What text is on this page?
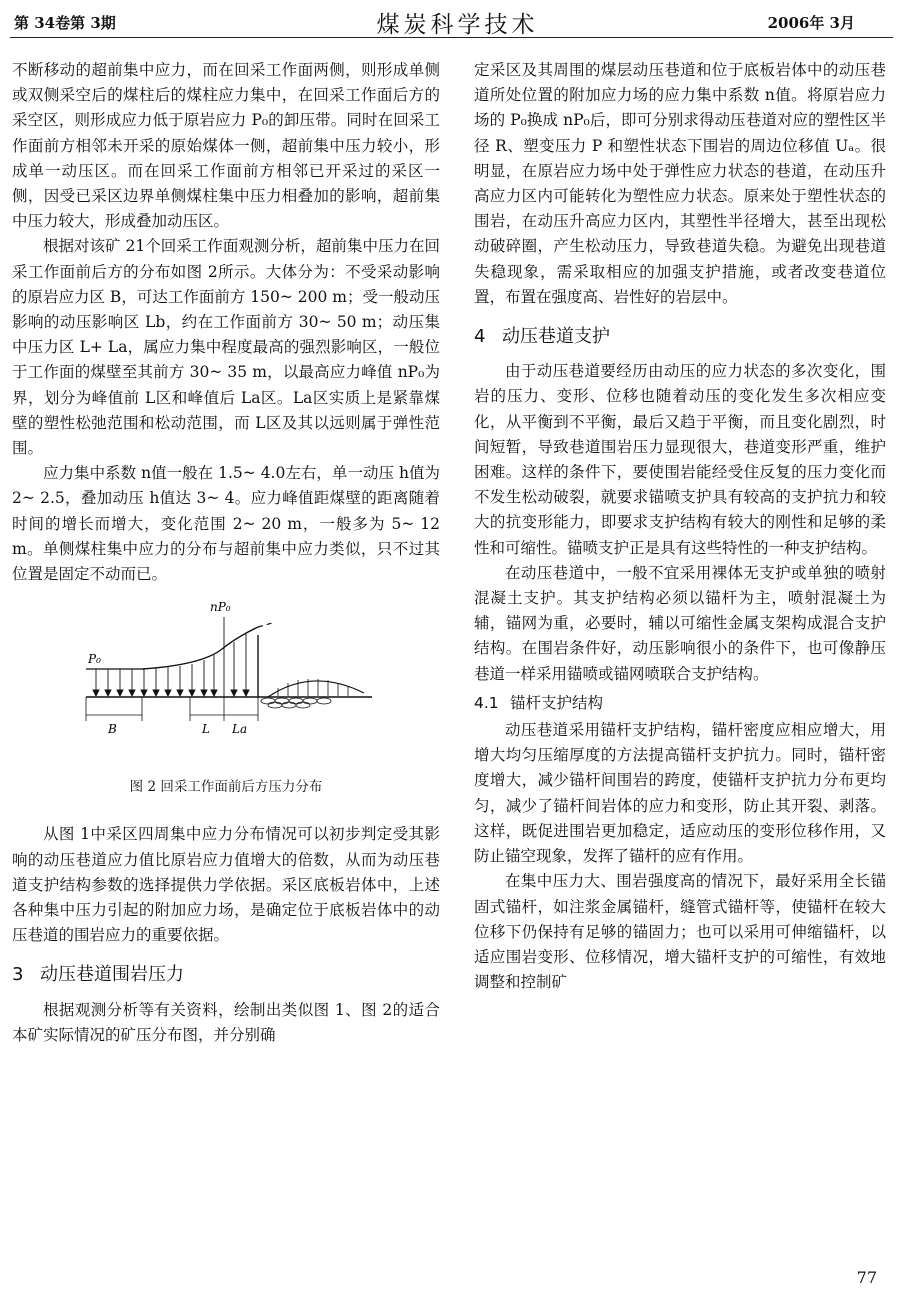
第 34卷第 3期	煤炭科学技术	2006年 3月

不断移动的超前集中应力，而在回采工作面两侧，则形成单侧或双侧采空后的煤柱后的煤柱应力集中，在回采工作面后方的采空区，则形成应力低于原岩应力 P₀的卸压带。同时在回采工作面前方相邻未开采的原始煤体一侧，超前集中压力较小，形成单一动压区。而在回采工作面前方相邻已开采过的采区一侧，因受已采区边界单侧煤柱集中压力相叠加的影响，超前集中压力较大，形成叠加动压区。

根据对该矿 21个回采工作面观测分析，超前集中压力在回采工作面前后方的分布如图 2所示。大体分为：不受采动影响的原岩应力区 B，可达工作面前方 150~ 200 m；受一般动压影响的动压影响区 Lb，约在工作面前方 30~ 50 m；动压集中压力区 L+ La，属应力集中程度最高的强烈影响区，一般位于工作面的煤壁至其前方 30~ 35 m，以最高应力峰值 nP₀为界，划分为峰值前 L区和峰值后 La区。La区实质上是紧靠煤壁的塑性松弛范围和松动范围，而 L区及其以远则属于弹性范围。

应力集中系数 n值一般在 1.5~ 4.0左右，单一动压 h值为 2~ 2.5，叠加动压 h值达 3~ 4。应力峰值距煤壁的距离随着时间的增长而增大，变化范围 2~ 20 m，一般多为 5~ 12 m。单侧煤柱集中应力的分布与超前集中应力类似，只不过其位置是固定不动而已。

nP₀
P₀
B	L La
图 2 回采工作面前后方压力分布

从图 1中采区四周集中应力分布情况可以初步判定受其影响的动压巷道应力值比原岩应力值增大的倍数，从而为动压巷道支护结构参数的选择提供力学依据。采区底板岩体中，上述各种集中压力引起的附加应力场，是确定位于底板岩体中的动压巷道的围岩应力的重要依据。

3 动压巷道围岩压力

根据观测分析等有关资料，绘制出类似图 1、图 2的适合本矿实际情况的矿压分布图，并分别确

定采区及其周围的煤层动压巷道和位于底板岩体中的动压巷道所处位置的附加应力场的应力集中系数 n值。将原岩应力场的 P₀换成 nP₀后，即可分别求得动压巷道对应的塑性区半径 R、塑变压力 P 和塑性状态下围岩的周边位移值 Uₐ。很明显，在原岩应力场中处于弹性应力状态的巷道，在动压升高应力区内可能转化为塑性应力状态。原来处于塑性状态的围岩，在动压升高应力区内，其塑性半径增大，甚至出现松动破碎圈，产生松动压力，导致巷道失稳。为避免出现巷道失稳现象，需采取相应的加强支护措施，或者改变巷道位置，布置在强度高、岩性好的岩层中。

4 动压巷道支护

由于动压巷道要经历由动压的应力状态的多次变化，围岩的压力、变形、位移也随着动压的变化发生多次相应变化，从平衡到不平衡，最后又趋于平衡，而且变化剧烈，时间短暂，导致巷道围岩压力显现很大，巷道变形严重，维护困难。这样的条件下，要使围岩能经受住反复的压力变化而不发生松动破裂，就要求锚喷支护具有较高的支护抗力和较大的抗变形能力，即要求支护结构有较大的刚性和足够的柔性和可缩性。锚喷支护正是具有这些特性的一种支护结构。

在动压巷道中，一般不宜采用裸体无支护或单独的喷射混凝土支护。其支护结构必须以锚杆为主，喷射混凝土为辅，锚网为重，必要时，辅以可缩性金属支架构成混合支护结构。在围岩条件好，动压影响很小的条件下，也可像静压巷道一样采用锚喷或锚网喷联合支护结构。

4.1 锚杆支护结构

动压巷道采用锚杆支护结构，锚杆密度应相应增大，用增大均匀压缩厚度的方法提高锚杆支护抗力。同时，锚杆密度增大，减少锚杆间围岩的跨度，使锚杆支护抗力分布更均匀，减少了锚杆间岩体的应力和变形，防止其开裂、剥落。这样，既促进围岩更加稳定，适应动压的变形位移作用，又防止锚空现象，发挥了锚杆的应有作用。

在集中压力大、围岩强度高的情况下，最好采用全长锚固式锚杆，如注浆金属锚杆，缝管式锚杆等，使锚杆在较大位移下仍保持有足够的锚固力；也可以采用可伸缩锚杆，以适应围岩变形、位移情况，增大锚杆支护的可缩性，有效地调整和控制矿

77
